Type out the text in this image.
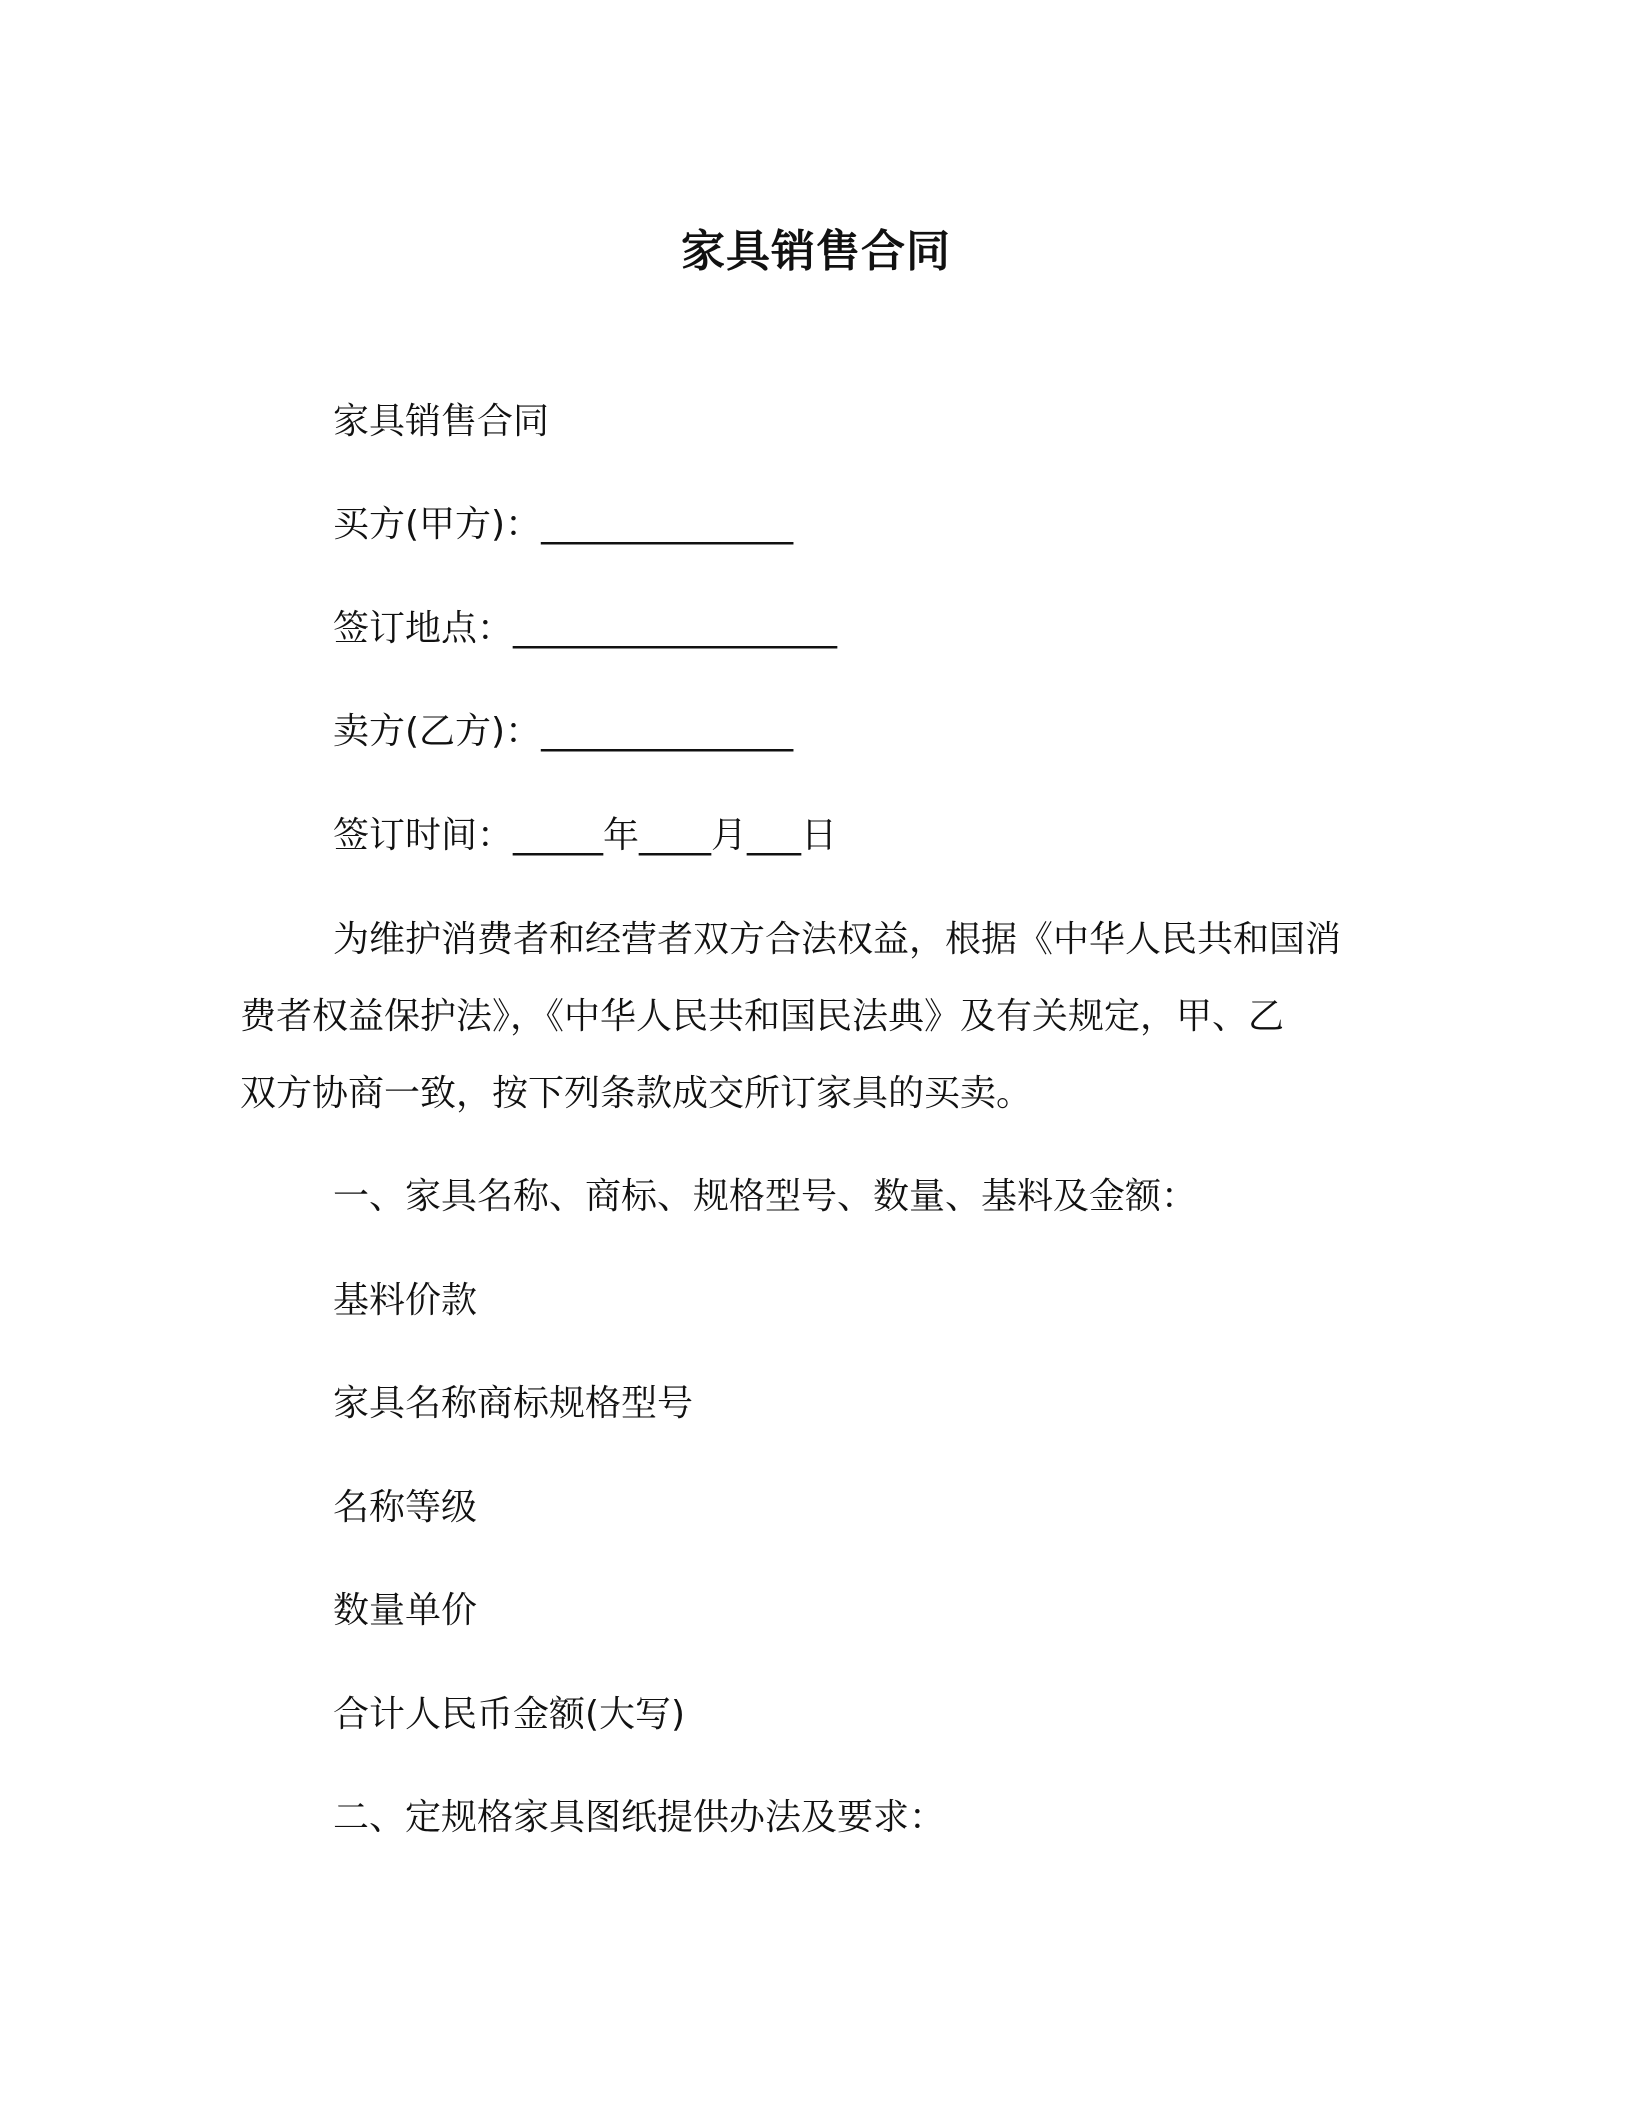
家具销售合同
家具销售合同
买方(甲方)：______________
签订地点：__________________
卖方(乙方)：______________
签订时间：_____年____月___日
为维护消费者和经营者双方合法权益，根据《中华人民共和国消
费者权益保护法》，《中华人民共和国民法典》及有关规定，甲、乙
双方协商一致，按下列条款成交所订家具的买卖。
一、家具名称、商标、规格型号、数量、基料及金额：
基料价款
家具名称商标规格型号
名称等级
数量单价
合计人民币金额(大写)
二、定规格家具图纸提供办法及要求：
